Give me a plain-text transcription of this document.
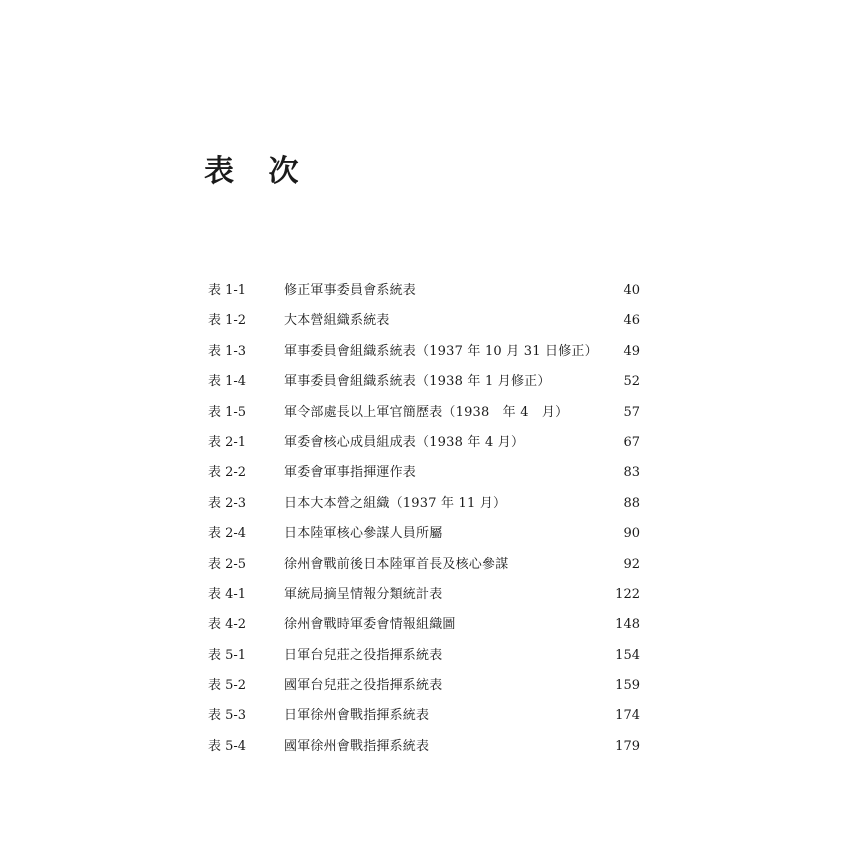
表 次
表 1-1	修正軍事委員會系統表	40
表 1-2	大本營組織系統表	46
表 1-3	軍事委員會組織系統表（1937 年 10 月 31 日修正） 49
表 1-4	軍事委員會組織系統表（1938 年 1 月修正）	52
表 1-5	軍令部處長以上軍官簡歷表（1938　年 4　月）	57
表 2-1	軍委會核心成員組成表（1938 年 4 月）	67
表 2-2	軍委會軍事指揮運作表	83
表 2-3	日本大本營之組織（1937 年 11 月）	88
表 2-4	日本陸軍核心參謀人員所屬	90
表 2-5	徐州會戰前後日本陸軍首長及核心參謀	92
表 4-1	軍統局摘呈情報分類統計表	122
表 4-2	徐州會戰時軍委會情報組織圖	148
表 5-1	日軍台兒莊之役指揮系統表	154
表 5-2	國軍台兒莊之役指揮系統表	159
表 5-3	日軍徐州會戰指揮系統表	174
表 5-4	國軍徐州會戰指揮系統表	179
